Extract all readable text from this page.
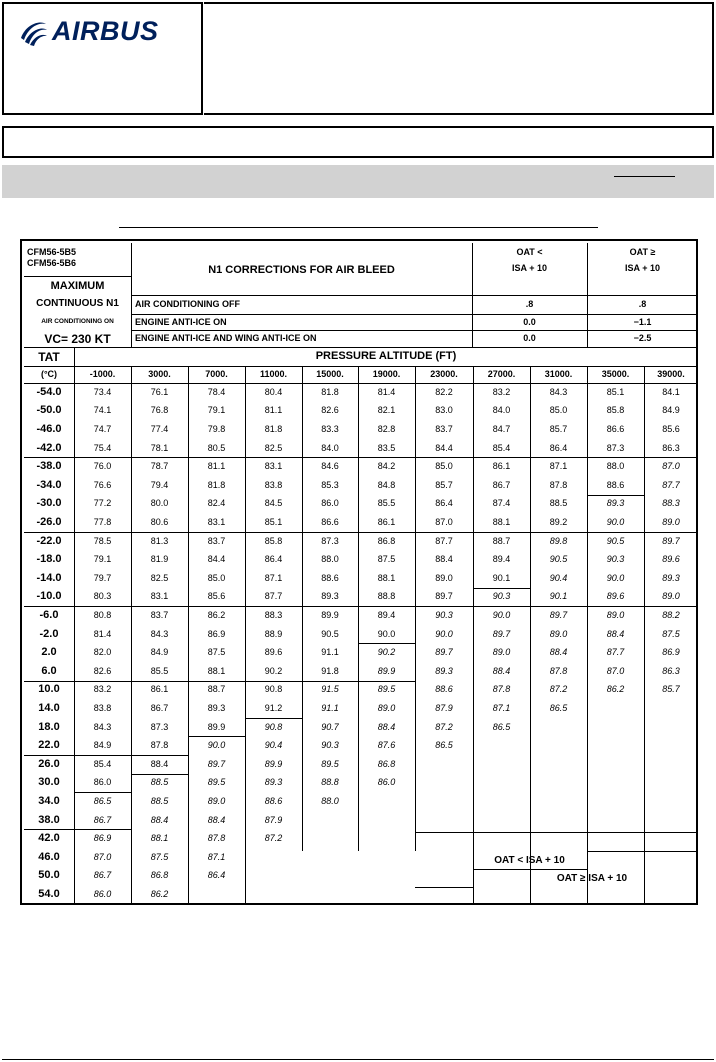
AIRBUS
CFM56-5B5
CFM56-5B6
MAXIMUM
CONTINUOUS N1
AIR CONDITIONING ON
VC= 230 KT
N1 CORRECTIONS FOR AIR BLEED
OAT <
ISA + 10
OAT ≥
ISA + 10
AIR CONDITIONING OFF	.8	.8
ENGINE ANTI-ICE ON	0.0	−1.1
ENGINE ANTI-ICE AND WING ANTI-ICE ON	0.0	−2.5
TAT
(°C)
PRESSURE ALTITUDE (FT)
-1000.	3000.	7000.	11000.	15000.	19000.	23000.	27000.	31000.	35000.	39000.
-54.0	73.4	76.1	78.4	80.4	81.8	81.4	82.2	83.2	84.3	85.1	84.1
-50.0	74.1	76.8	79.1	81.1	82.6	82.1	83.0	84.0	85.0	85.8	84.9
-46.0	74.7	77.4	79.8	81.8	83.3	82.8	83.7	84.7	85.7	86.6	85.6
-42.0	75.4	78.1	80.5	82.5	84.0	83.5	84.4	85.4	86.4	87.3	86.3
-38.0	76.0	78.7	81.1	83.1	84.6	84.2	85.0	86.1	87.1	88.0	87.0
-34.0	76.6	79.4	81.8	83.8	85.3	84.8	85.7	86.7	87.8	88.6	87.7
-30.0	77.2	80.0	82.4	84.5	86.0	85.5	86.4	87.4	88.5	89.3	88.3
-26.0	77.8	80.6	83.1	85.1	86.6	86.1	87.0	88.1	89.2	90.0	89.0
-22.0	78.5	81.3	83.7	85.8	87.3	86.8	87.7	88.7	89.8	90.5	89.7
-18.0	79.1	81.9	84.4	86.4	88.0	87.5	88.4	89.4	90.5	90.3	89.6
-14.0	79.7	82.5	85.0	87.1	88.6	88.1	89.0	90.1	90.4	90.0	89.3
-10.0	80.3	83.1	85.6	87.7	89.3	88.8	89.7	90.3	90.1	89.6	89.0
-6.0	80.8	83.7	86.2	88.3	89.9	89.4	90.3	90.0	89.7	89.0	88.2
-2.0	81.4	84.3	86.9	88.9	90.5	90.0	90.0	89.7	89.0	88.4	87.5
2.0	82.0	84.9	87.5	89.6	91.1	90.2	89.7	89.0	88.4	87.7	86.9
6.0	82.6	85.5	88.1	90.2	91.8	89.9	89.3	88.4	87.8	87.0	86.3
10.0	83.2	86.1	88.7	90.8	91.5	89.5	88.6	87.8	87.2	86.2	85.7
14.0	83.8	86.7	89.3	91.2	91.1	89.0	87.9	87.1	86.5
18.0	84.3	87.3	89.9	90.8	90.7	88.4	87.2	86.5
22.0	84.9	87.8	90.0	90.4	90.3	87.6	86.5
26.0	85.4	88.4	89.7	89.9	89.5	86.8
30.0	86.0	88.5	89.5	89.3	88.8	86.0
34.0	86.5	88.5	89.0	88.6	88.0
38.0	86.7	88.4	88.4	87.9
42.0	86.9	88.1	87.8	87.2
46.0	87.0	87.5	87.1
50.0	86.7	86.8	86.4
54.0	86.0	86.2
OAT < ISA + 10
OAT ≥ ISA + 10
